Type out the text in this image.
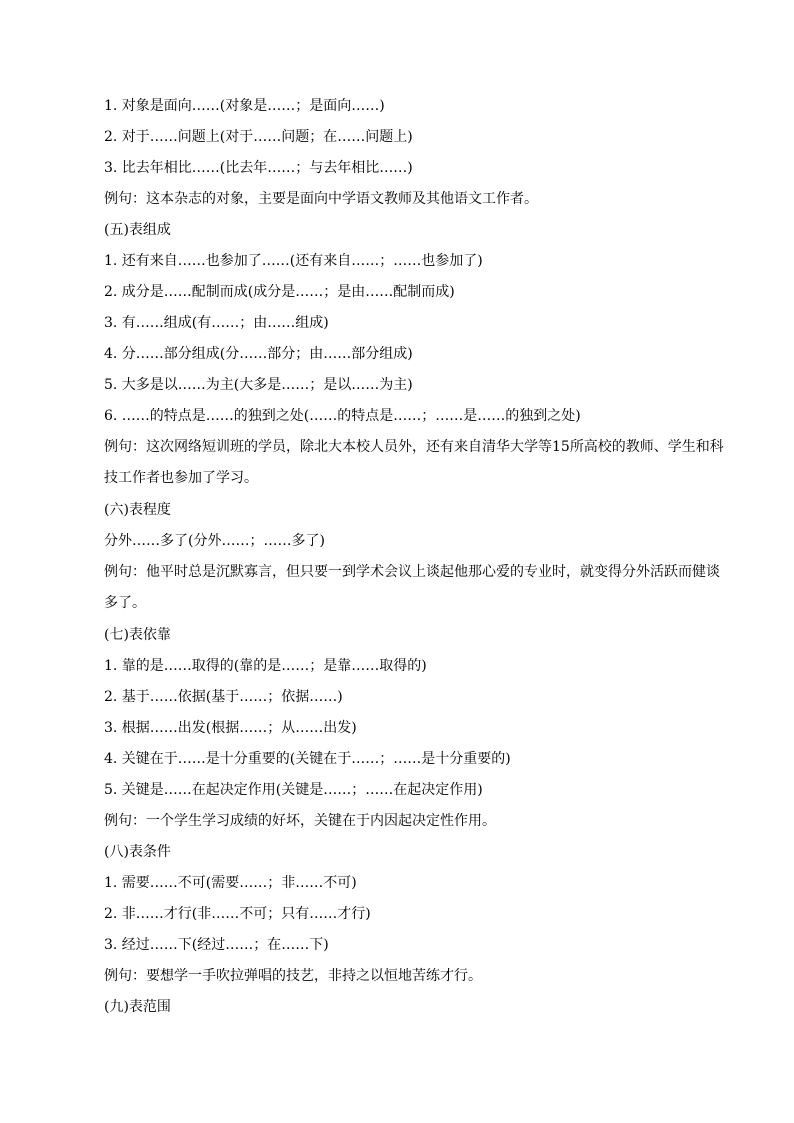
1. 对象是面向……(对象是……；是面向……)
2. 对于……问题上(对于……问题；在……问题上)
3. 比去年相比……(比去年……；与去年相比……)
例句：这本杂志的对象，主要是面向中学语文教师及其他语文工作者。
(五)表组成
1. 还有来自……也参加了……(还有来自……；……也参加了)
2. 成分是……配制而成(成分是……；是由……配制而成)
3. 有……组成(有……；由……组成)
4. 分……部分组成(分……部分；由……部分组成)
5. 大多是以……为主(大多是……；是以……为主)
6. ……的特点是……的独到之处(……的特点是……；……是……的独到之处)
例句：这次网络短训班的学员，除北大本校人员外，还有来自清华大学等15所高校的教师、学生和科技工作者也参加了学习。
(六)表程度
分外……多了(分外……；……多了)
例句：他平时总是沉默寡言，但只要一到学术会议上谈起他那心爱的专业时，就变得分外活跃而健谈多了。
(七)表依靠
1. 靠的是……取得的(靠的是……；是靠……取得的)
2. 基于……依据(基于……；依据……)
3. 根据……出发(根据……；从……出发)
4. 关键在于……是十分重要的(关键在于……；……是十分重要的)
5. 关键是……在起决定作用(关键是……；……在起决定作用)
例句：一个学生学习成绩的好坏，关键在于内因起决定性作用。
(八)表条件
1. 需要……不可(需要……；非……不可)
2. 非……才行(非……不可；只有……才行)
3. 经过……下(经过……；在……下)
例句：要想学一手吹拉弹唱的技艺，非持之以恒地苦练才行。
(九)表范围
